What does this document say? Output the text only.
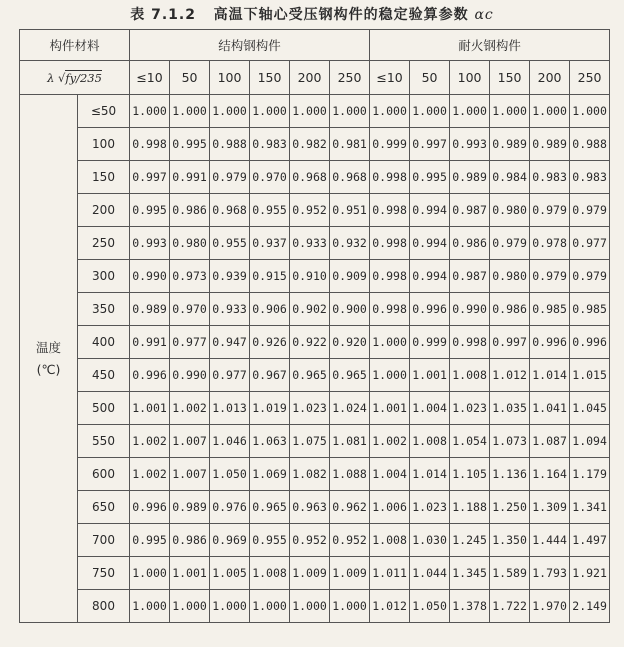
表 7.1.2 高温下轴心受压钢构件的稳定验算参数 αc
构件材料		结构钢构件						耐火钢构件					
λ √fy/235		≤10	50	100	150	200	250	≤10	50	100	150	200	250

温度
(℃)	≤50	1.000	1.000	1.000	1.000	1.000	1.000	1.000	1.000	1.000	1.000	1.000	1.000
	100	0.998	0.995	0.988	0.983	0.982	0.981	0.999	0.997	0.993	0.989	0.989	0.988
	150	0.997	0.991	0.979	0.970	0.968	0.968	0.998	0.995	0.989	0.984	0.983	0.983
	200	0.995	0.986	0.968	0.955	0.952	0.951	0.998	0.994	0.987	0.980	0.979	0.979
	250	0.993	0.980	0.955	0.937	0.933	0.932	0.998	0.994	0.986	0.979	0.978	0.977
	300	0.990	0.973	0.939	0.915	0.910	0.909	0.998	0.994	0.987	0.980	0.979	0.979
	350	0.989	0.970	0.933	0.906	0.902	0.900	0.998	0.996	0.990	0.986	0.985	0.985
	400	0.991	0.977	0.947	0.926	0.922	0.920	1.000	0.999	0.998	0.997	0.996	0.996
	450	0.996	0.990	0.977	0.967	0.965	0.965	1.000	1.001	1.008	1.012	1.014	1.015
	500	1.001	1.002	1.013	1.019	1.023	1.024	1.001	1.004	1.023	1.035	1.041	1.045
	550	1.002	1.007	1.046	1.063	1.075	1.081	1.002	1.008	1.054	1.073	1.087	1.094
	600	1.002	1.007	1.050	1.069	1.082	1.088	1.004	1.014	1.105	1.136	1.164	1.179
	650	0.996	0.989	0.976	0.965	0.963	0.962	1.006	1.023	1.188	1.250	1.309	1.341
	700	0.995	0.986	0.969	0.955	0.952	0.952	1.008	1.030	1.245	1.350	1.444	1.497
	750	1.000	1.001	1.005	1.008	1.009	1.009	1.011	1.044	1.345	1.589	1.793	1.921
	800	1.000	1.000	1.000	1.000	1.000	1.000	1.012	1.050	1.378	1.722	1.970	2.149
